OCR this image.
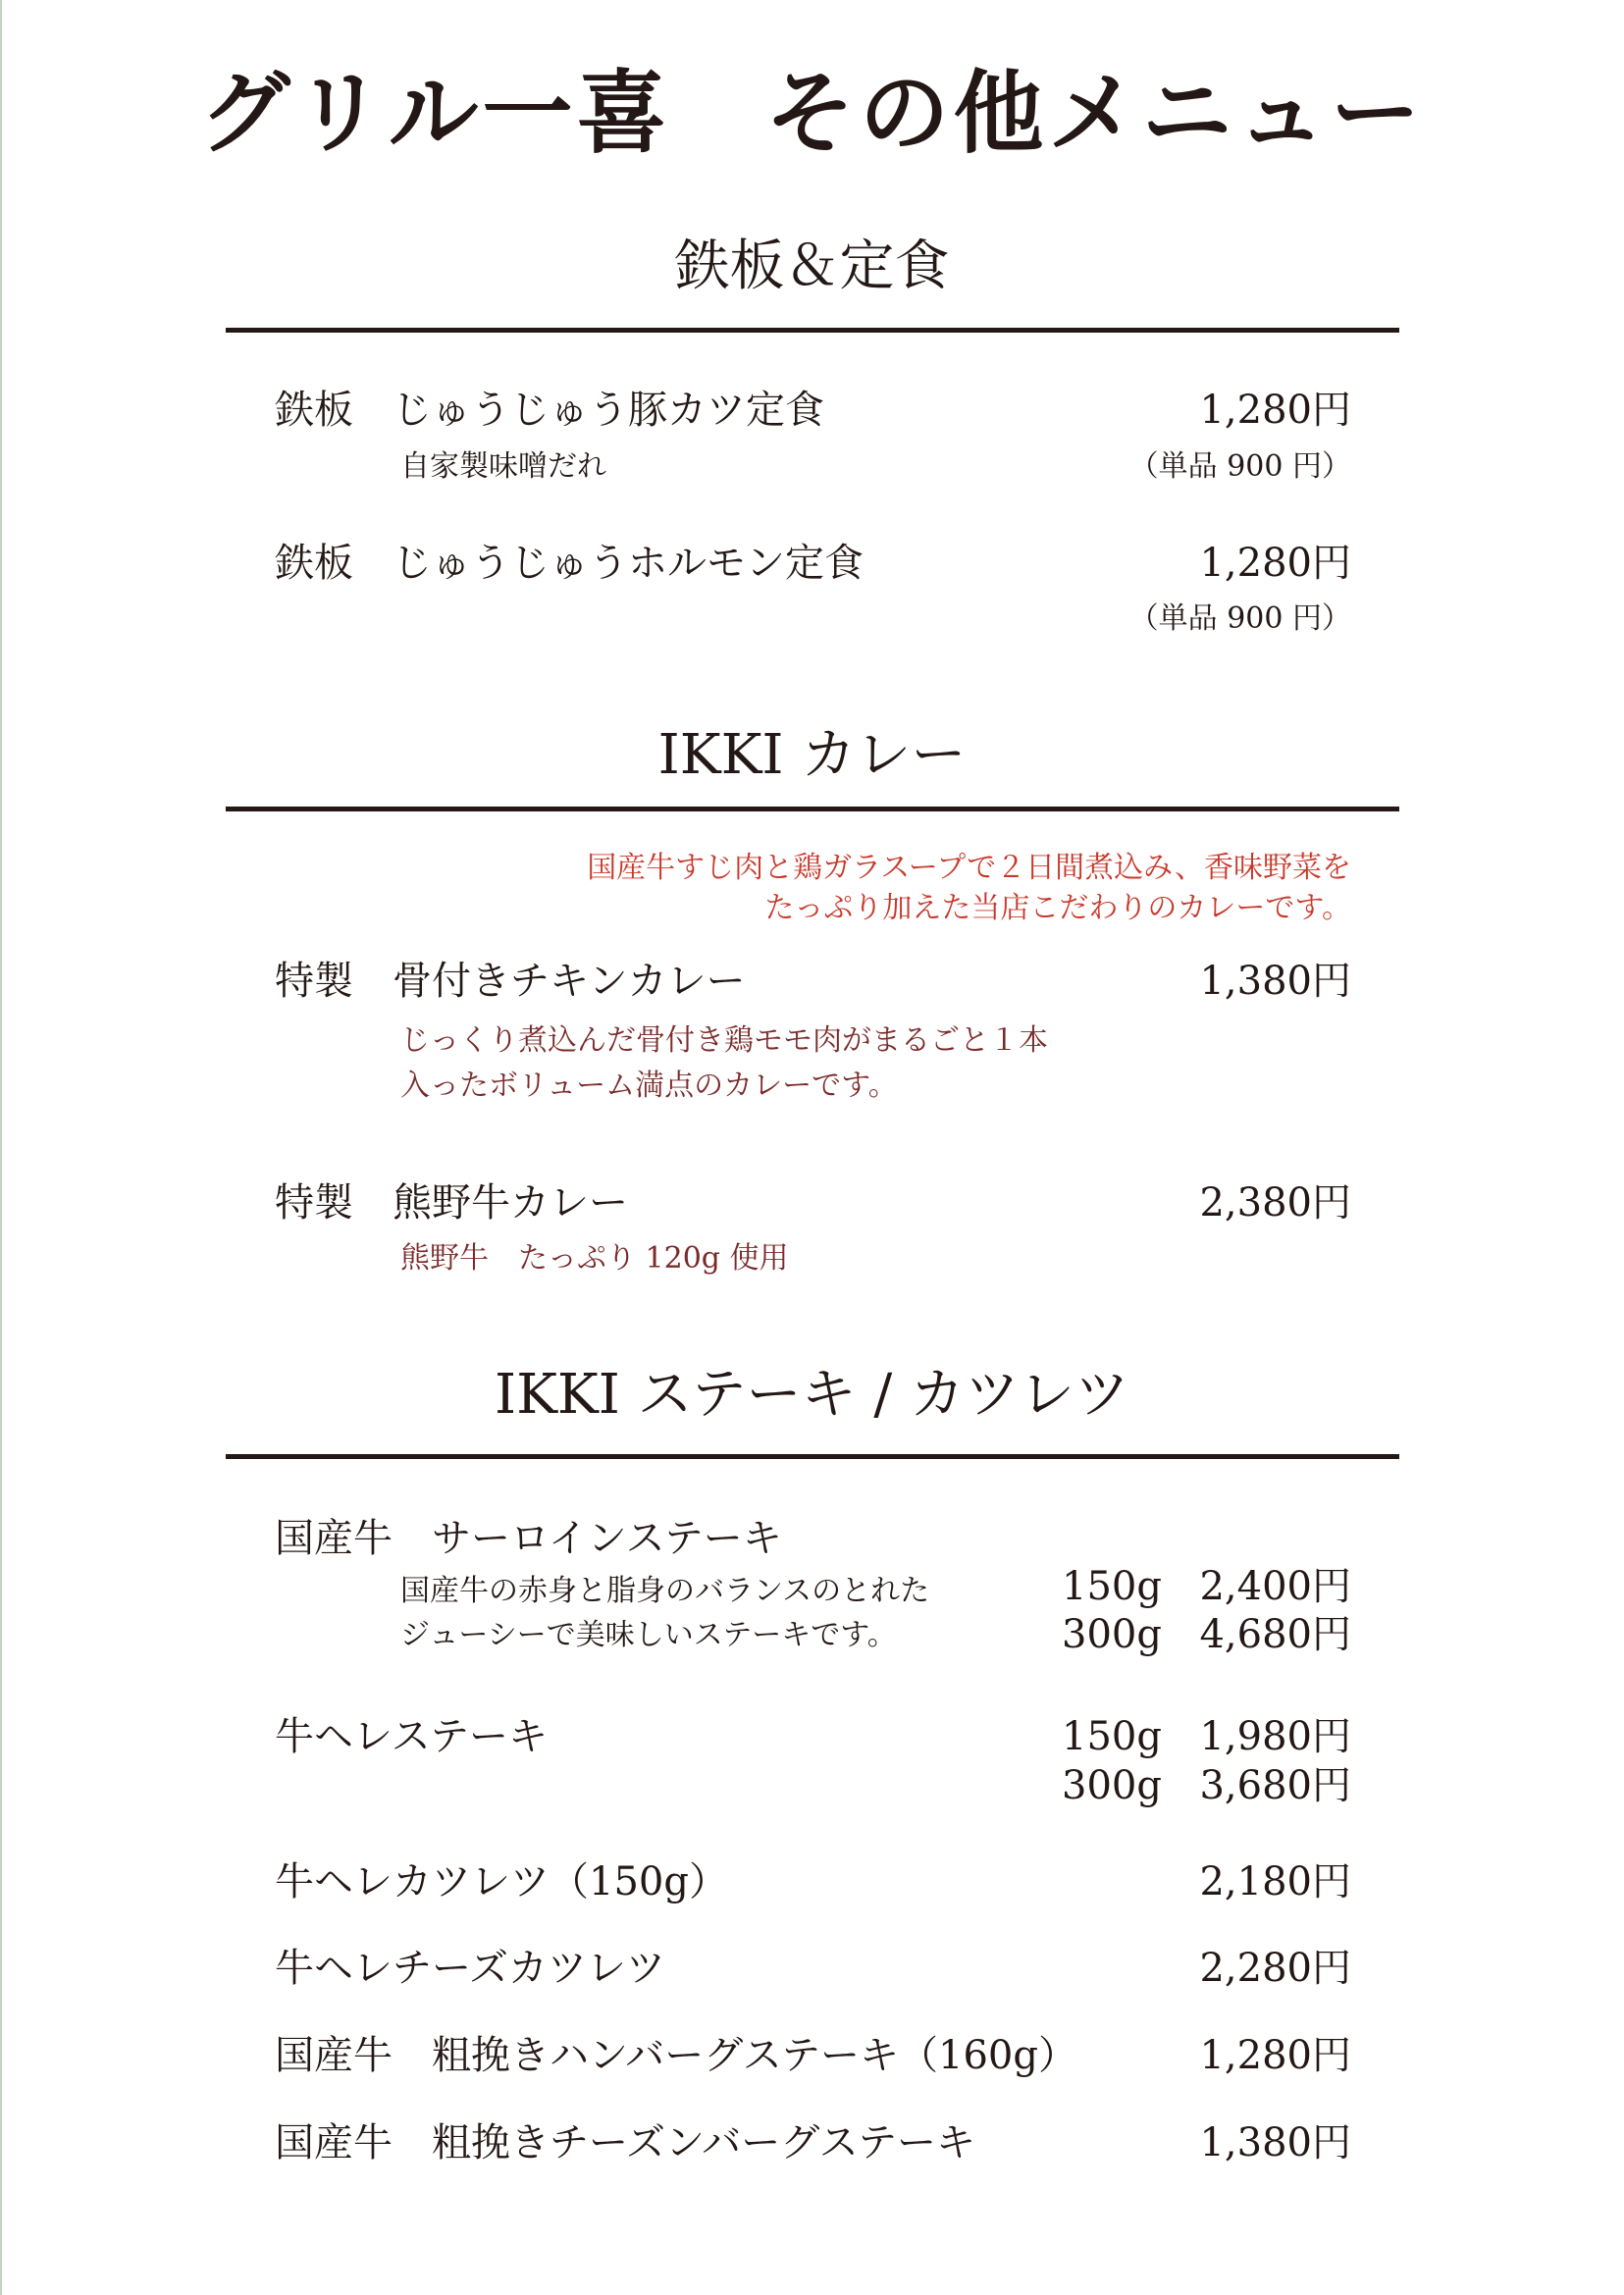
グリル一喜　その他メニュー
鉄板＆定食
鉄板　じゅうじゅう豚カツ定食	1,280円
自家製味噌だれ	（単品 900 円）
鉄板　じゅうじゅうホルモン定食	1,280円
（単品 900 円）
IKKI カレー
国産牛すじ肉と鶏ガラスープで２日間煮込み、香味野菜を
たっぷり加えた当店こだわりのカレーです。
特製　骨付きチキンカレー	1,380円
じっくり煮込んだ骨付き鶏モモ肉がまるごと１本
入ったボリューム満点のカレーです。
特製　熊野牛カレー	2,380円
熊野牛　たっぷり 120g 使用
IKKI ステーキ / カツレツ
国産牛　サーロインステーキ
国産牛の赤身と脂身のバランスのとれた
ジューシーで美味しいステーキです。
150g 2,400円
300g 4,680円
牛ヘレステーキ	150g 1,980円
300g 3,680円
牛ヘレカツレツ（150g）	2,180円
牛ヘレチーズカツレツ	2,280円
国産牛　粗挽きハンバーグステーキ（160g）	1,280円
国産牛　粗挽きチーズンバーグステーキ	1,380円
